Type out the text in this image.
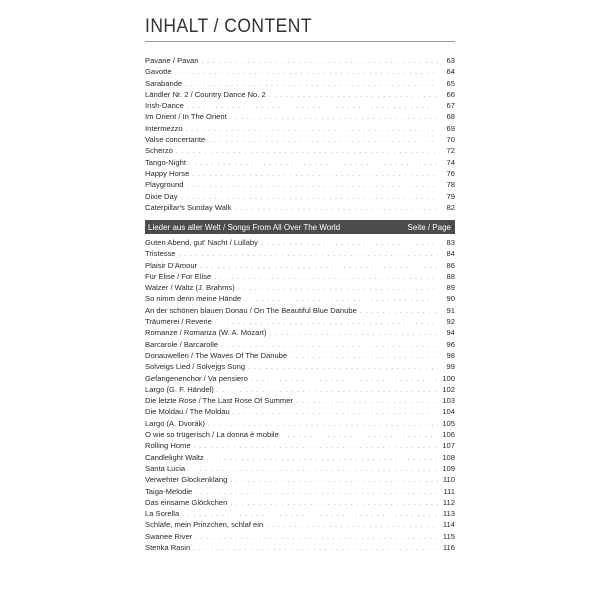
INHALT / CONTENT
Pavane / Pavan . . .	63
Gavotte . . .	64
Sarabande . . .	65
Ländler Nr. 2 / Country Dance No. 2 . . .	66
Irish-Dance . . .	67
Im Orient / In The Orient . . .	68
Intermezzo . . .	69
Valse concertante . . .	70
Scherzo . . .	72
Tango-Night . . .	74
Happy Horse . . .	76
Playground . . .	78
Dixie Day . . .	79
Caterpillar's Sunday Walk . . .	82
Lieder aus aller Welt / Songs From All Over The World	Seite / Page
Guten Abend, gut' Nacht / Lullaby . . .	83
Tristesse . . .	84
Plaisir D'Amour . . .	86
Für Elise / For Elise . . .	88
Walzer / Waltz (J. Brahms) . . .	89
So nimm denn meine Hände . . .	90
An der schönen blauen Donau / On The Beautiful Blue Danube . . .	91
Träumerei / Reverie . . .	92
Romanze / Romanza (W. A. Mozart) . . .	94
Barcarole / Barcarolle . . .	96
Donauwellen / The Waves Of The Danube . . .	98
Solveigs Lied / Solvejgs Song . . .	99
Gefangenenchor / Va pensiero . . .	100
Largo (G. F. Händel) . . .	102
Die letzte Rose / The Last Rose Of Summer . . .	103
Die Moldau / The Moldau . . .	104
Largo (A. Dvorák) . . .	105
O wie so trügerisch / La donna è mobile . . .	106
Rolling Home . . .	107
Candlelight Waltz . . .	108
Santa Lucia . . .	109
Verwehter Glockenklang . . .	110
Taiga-Melodie . . .	111
Das einsame Glöckchen . . .	112
La Sorella . . .	113
Schlafe, mein Prinzchen, schlaf ein . . .	114
Swanee River . . .	115
Stenka Rasin . . .	116
